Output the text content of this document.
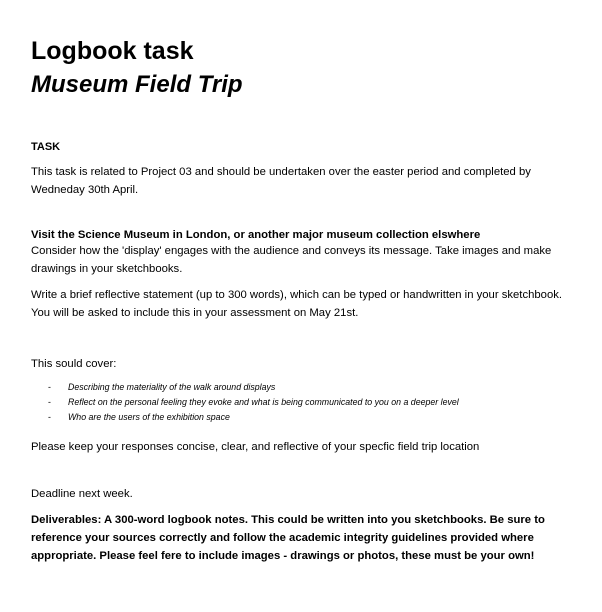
Logbook task
Museum Field Trip

TASK

This task is related to Project 03 and should be undertaken over the easter period and completed by Wedneday 30th April.

Visit the Science Museum in London, or another major museum collection elswhere

Consider how the 'display' engages with the audience and conveys its message. Take images and make drawings in your sketchbooks.

Write a brief reflective statement (up to 300 words), which can be typed or handwritten in your sketchbook. You will be asked to include this in your assessment on May 21st.

This sould cover:

- Describing the materiality of the walk around displays
- Reflect on the personal feeling they evoke and what is being communicated to you on a deeper level
- Who are the users of the exhibition space

Please keep your responses concise, clear, and reflective of your specfic field trip location

Deadline next week.

Deliverables: A 300-word logbook notes. This could be written into you sketchbooks. Be sure to reference your sources correctly and follow the academic integrity guidelines provided where appropriate. Please feel fere to include images - drawings or photos, these must be your own!
